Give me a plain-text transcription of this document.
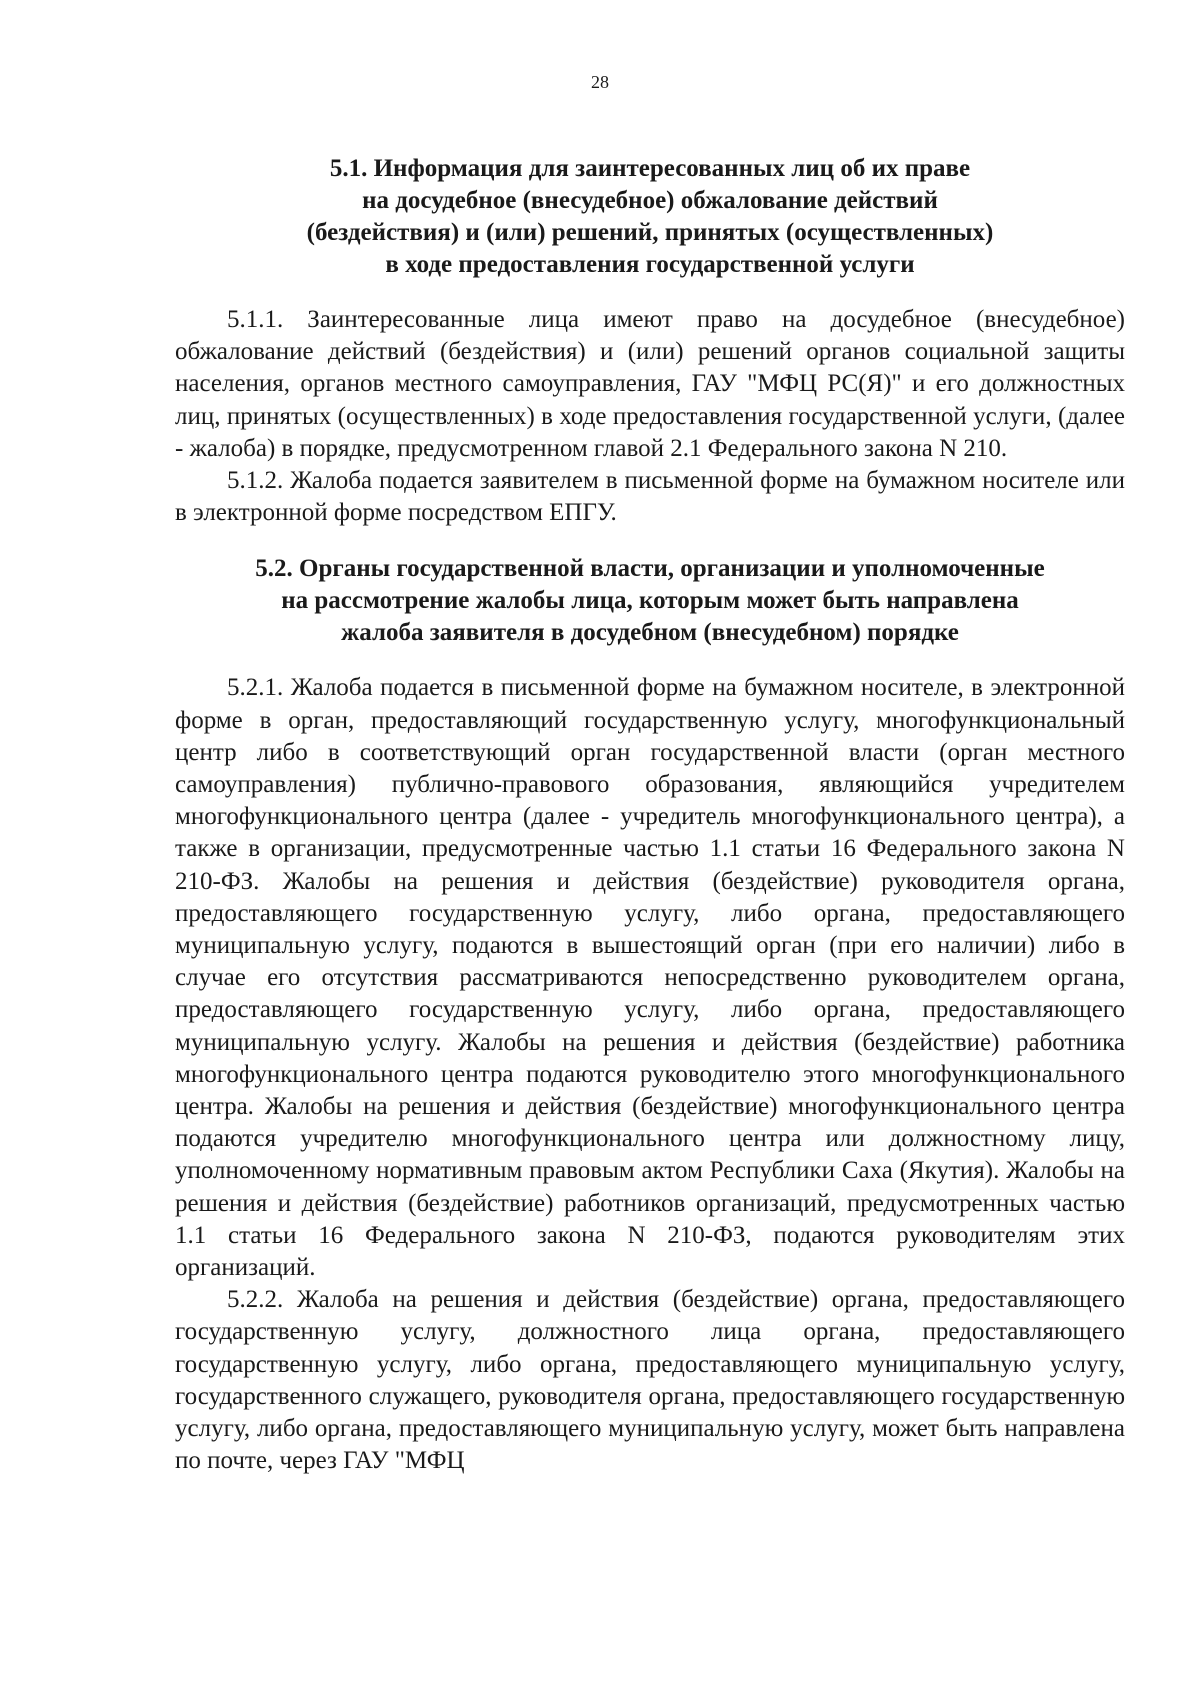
28
5.1. Информация для заинтересованных лиц об их праве
на досудебное (внесудебное) обжалование действий
(бездействия) и (или) решений, принятых (осуществленных)
в ходе предоставления государственной услуги

5.1.1. Заинтересованные лица имеют право на досудебное (внесудебное) обжалование действий (бездействия) и (или) решений органов социальной защиты населения, органов местного самоуправления, ГАУ "МФЦ РС(Я)" и его должностных лиц, принятых (осуществленных) в ходе предоставления государственной услуги, (далее - жалоба) в порядке, предусмотренном главой 2.1 Федерального закона N 210.

5.1.2. Жалоба подается заявителем в письменной форме на бумажном носителе или в электронной форме посредством ЕПГУ.

5.2. Органы государственной власти, организации и уполномоченные
на рассмотрение жалобы лица, которым может быть направлена
жалоба заявителя в досудебном (внесудебном) порядке

5.2.1. Жалоба подается в письменной форме на бумажном носителе, в электронной форме в орган, предоставляющий государственную услугу, многофункциональный центр либо в соответствующий орган государственной власти (орган местного самоуправления) публично-правового образования, являющийся учредителем многофункционального центра (далее - учредитель многофункционального центра), а также в организации, предусмотренные частью 1.1 статьи 16 Федерального закона N 210-ФЗ. Жалобы на решения и действия (бездействие) руководителя органа, предоставляющего государственную услугу, либо органа, предоставляющего муниципальную услугу, подаются в вышестоящий орган (при его наличии) либо в случае его отсутствия рассматриваются непосредственно руководителем органа, предоставляющего государственную услугу, либо органа, предоставляющего муниципальную услугу. Жалобы на решения и действия (бездействие) работника многофункционального центра подаются руководителю этого многофункционального центра. Жалобы на решения и действия (бездействие) многофункционального центра подаются учредителю многофункционального центра или должностному лицу, уполномоченному нормативным правовым актом Республики Саха (Якутия). Жалобы на решения и действия (бездействие) работников организаций, предусмотренных частью 1.1 статьи 16 Федерального закона N 210-ФЗ, подаются руководителям этих организаций.

5.2.2. Жалоба на решения и действия (бездействие) органа, предоставляющего государственную услугу, должностного лица органа, предоставляющего государственную услугу, либо органа, предоставляющего муниципальную услугу, государственного служащего, руководителя органа, предоставляющего государственную услугу, либо органа, предоставляющего муниципальную услугу, может быть направлена по почте, через ГАУ "МФЦ
